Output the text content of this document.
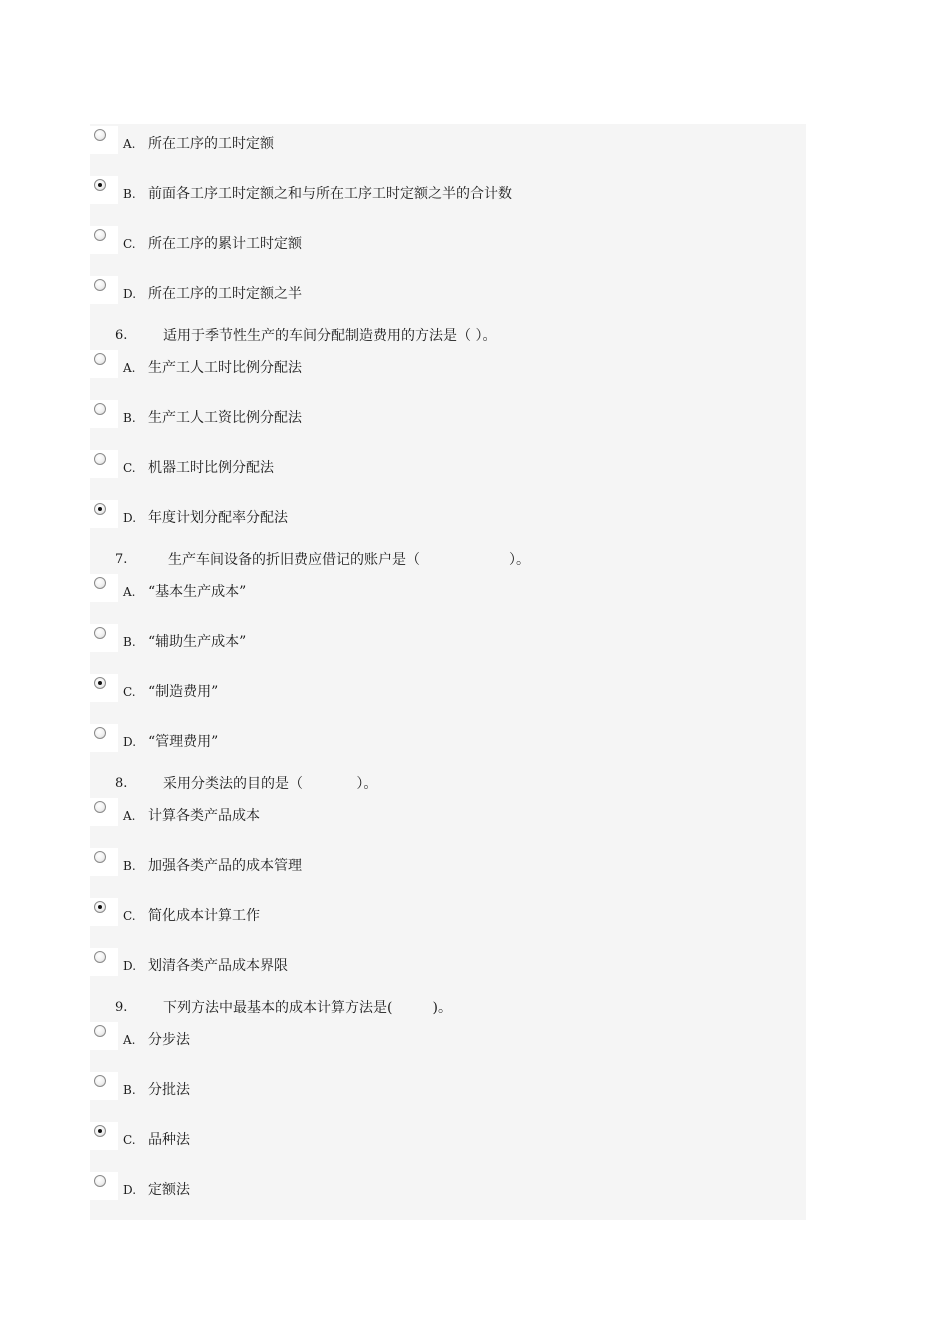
A. 所在工序的工时定额
B. 前面各工序工时定额之和与所在工序工时定额之半的合计数
C. 所在工序的累计工时定额
D. 所在工序的工时定额之半
6.	适用于季节性生产的车间分配制造费用的方法是（ ）。
A. 生产工人工时比例分配法
B. 生产工人工资比例分配法
C. 机器工时比例分配法
D. 年度计划分配率分配法
7.	生产车间设备的折旧费应借记的账户是（                    ）。
A. “基本生产成本”
B. “辅助生产成本”
C. “制造费用”
D. “管理费用”
8.	采用分类法的目的是（            ）。
A. 计算各类产品成本
B. 加强各类产品的成本管理
C. 简化成本计算工作
D. 划清各类产品成本界限
9.	下列方法中最基本的成本计算方法是(         )。
A. 分步法
B. 分批法
C. 品种法
D. 定额法
